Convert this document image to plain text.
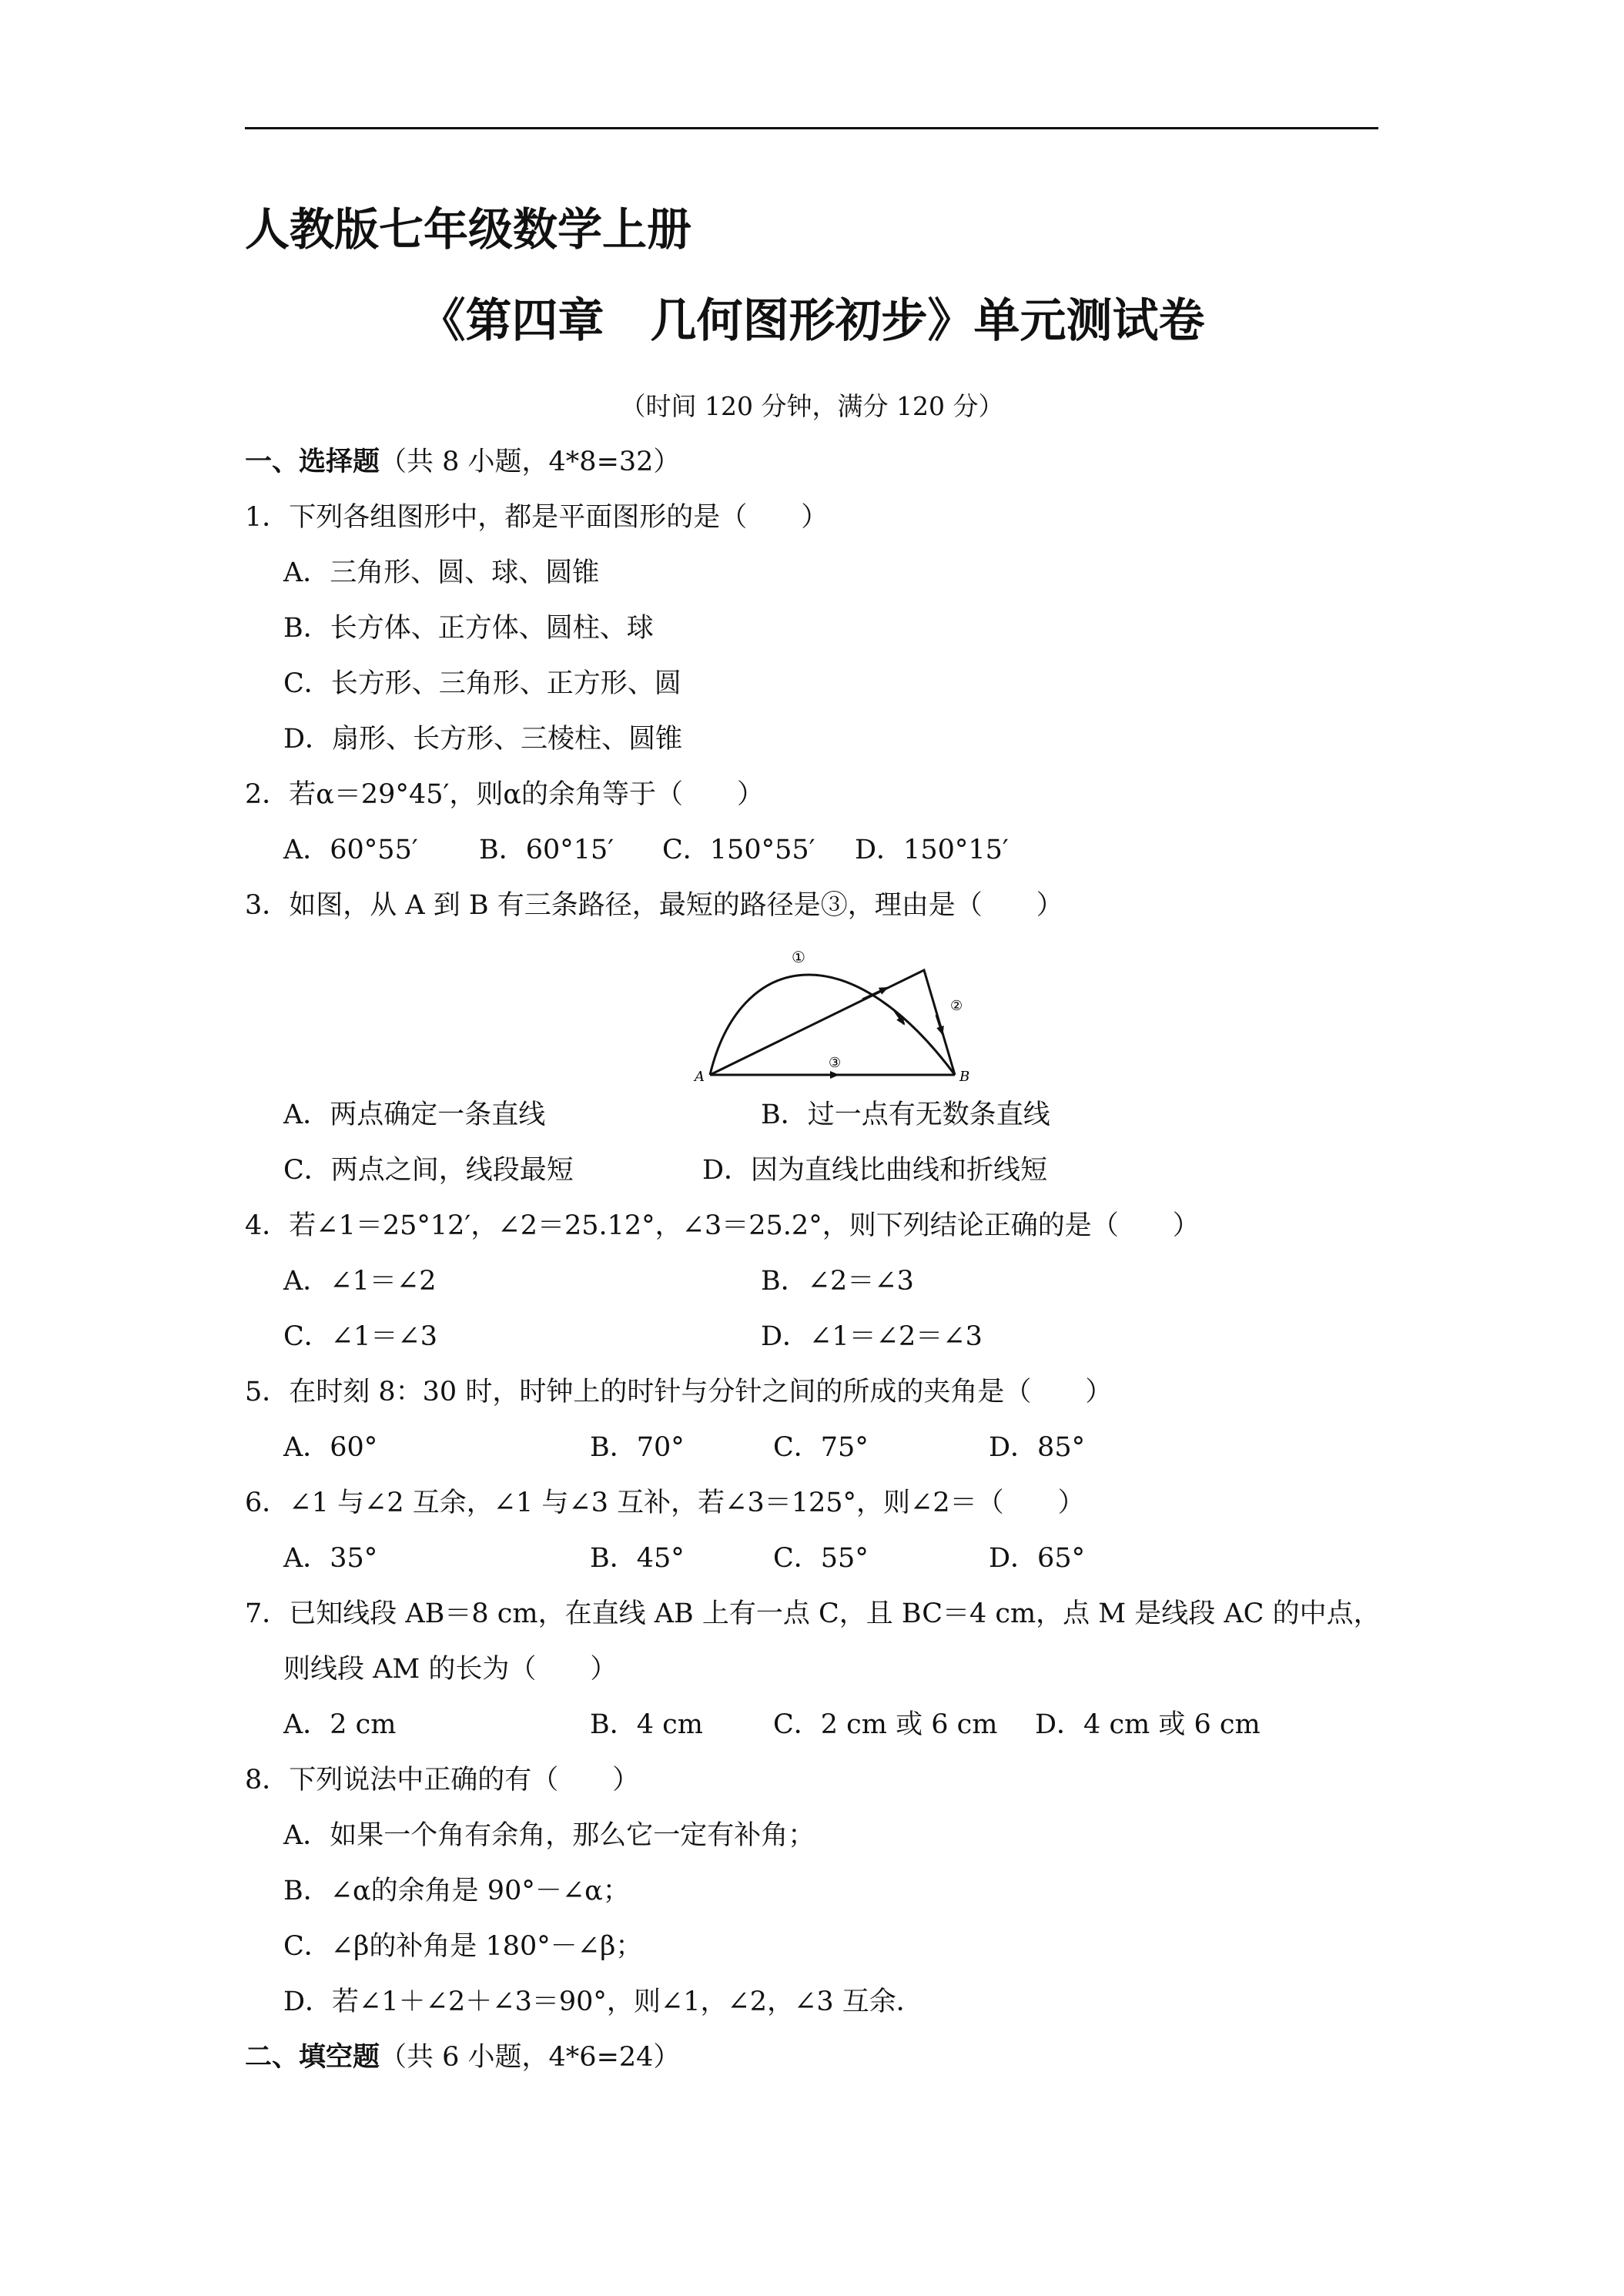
人教版七年级数学上册
《第四章　几何图形初步》单元测试卷
（时间 120 分钟，满分 120 分）
一、选择题（共 8 小题，4*8=32）
1．下列各组图形中，都是平面图形的是（　　）
A．三角形、圆、球、圆锥
B．长方体、正方体、圆柱、球
C．长方形、三角形、正方形、圆
D．扇形、长方形、三棱柱、圆锥
2．若α＝29°45′，则α的余角等于（　　）
A．60°55′ B．60°15′ C．150°55′ D．150°15′
3．如图，从 A 到 B 有三条路径，最短的路径是③，理由是（　　）
A	B
①
②
③
A．两点确定一条直线	B．过一点有无数条直线
C．两点之间，线段最短	D．因为直线比曲线和折线短
4．若∠1＝25°12′，∠2＝25.12°，∠3＝25.2°，则下列结论正确的是（　　）
A．∠1＝∠2	B．∠2＝∠3
C．∠1＝∠3	D．∠1＝∠2＝∠3
5．在时刻 8：30 时，时钟上的时针与分针之间的所成的夹角是（　　）
A．60°	B．70°	C．75°	D．85°
6．∠1 与∠2 互余，∠1 与∠3 互补，若∠3＝125°，则∠2＝（　　）
A．35°	B．45°	C．55°	D．65°
7．已知线段 AB＝8 cm，在直线 AB 上有一点 C，且 BC＝4 cm，点 M 是线段 AC 的中点，
则线段 AM 的长为（　　）
A．2 cm	B．4 cm	C．2 cm 或 6 cm D．4 cm 或 6 cm
8．下列说法中正确的有（　　）
A．如果一个角有余角，那么它一定有补角；
B．∠α的余角是 90°－∠α；
C．∠β的补角是 180°－∠β；
D．若∠1＋∠2＋∠3＝90°，则∠1，∠2，∠3 互余．
二、填空题（共 6 小题，4*6=24）
